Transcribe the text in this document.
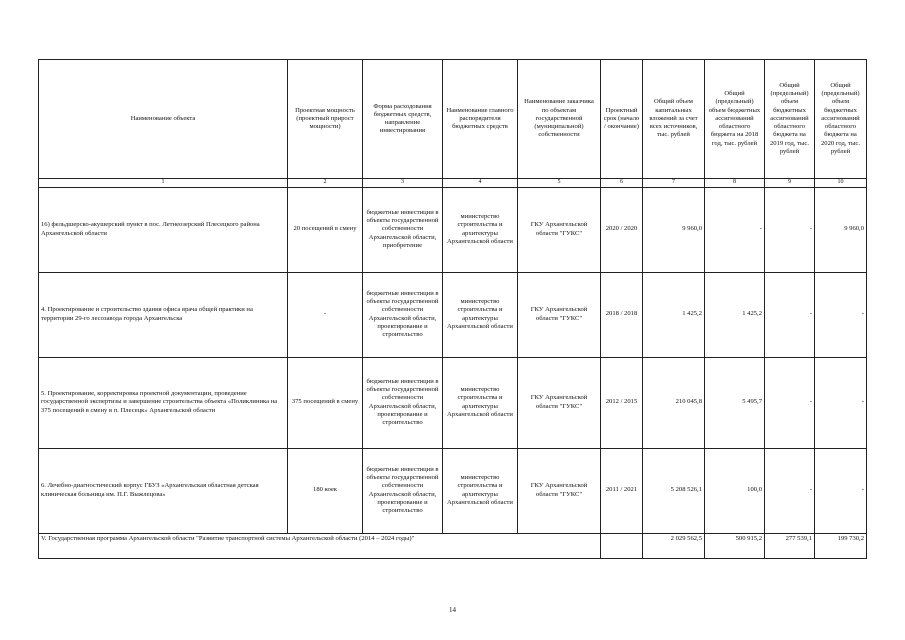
Наименование объекта	Проектная мощность (проектный прирост мощности)	Форма расходования бюджетных средств, направление инвестирования	Наименование главного распорядителя бюджетных средств	Наименование заказчика по объектам государственной (муниципальной) собственности	Проектный срок (начало / окончание)	Общий объем капитальных вложений за счет всех источников, тыс. рублей	Общий (предельный) объем бюджетных ассигнований областного бюджета на 2018 год, тыс. рублей	Общий (предельный) объем бюджетных ассигнований областного бюджета на 2019 год, тыс. рублей	Общий (предельный) объем бюджетных ассигнований областного бюджета на 2020 год, тыс. рублей
1	2	3	4	5	6	7	8	9	10
16) фельдшерско-акушерский пункт в пос. Летнеозерский Плесецкого района Архангельской области	20 посещений в смену	бюджетные инвестиции в объекты государственной собственности Архангельской области, приобретение	министерство строительства и архитектуры Архангельской области	ГКУ Архангельской области "ГУКС"	2020 / 2020	9 960,0	-	-	9 960,0
4. Проектирование и строительство здания офиса врача общей практики на территории 29-го лесозавода города Архангельска	-	бюджетные инвестиции в объекты государственной собственности Архангельской области, проектирование и строительство	министерство строительства и архитектуры Архангельской области	ГКУ Архангельской области "ГУКС"	2018 / 2018	1 425,2	1 425,2	-	-
5. Проектирование, корректировка проектной документации, проведение государственной экспертизы и завершение строительства объекта «Поликлиника на 375 посещений в смену в п. Плесецк» Архангельской области	375 посещений в смену	бюджетные инвестиции в объекты государственной собственности Архангельской области, проектирование и строительство	министерство строительства и архитектуры Архангельской области	ГКУ Архангельской области "ГУКС"	2012 / 2015	210 045,8	5 495,7	-	-
6. Лечебно-диагностический корпус ГБУЗ «Архангельская областная детская клиническая больница им. П.Г. Выжлецова»	180 коек	бюджетные инвестиции в объекты государственной собственности Архангельской области, проектирование и строительство	министерство строительства и архитектуры Архангельской области	ГКУ Архангельской области "ГУКС"	2011 / 2021	5 208 526,1	100,0	-	-
V. Государственная программа Архангельской области "Развитие транспортной системы Архангельской области (2014 – 2024 годы)"						2 029 562,5	500 915,2	277 539,1	199 730,2
14
